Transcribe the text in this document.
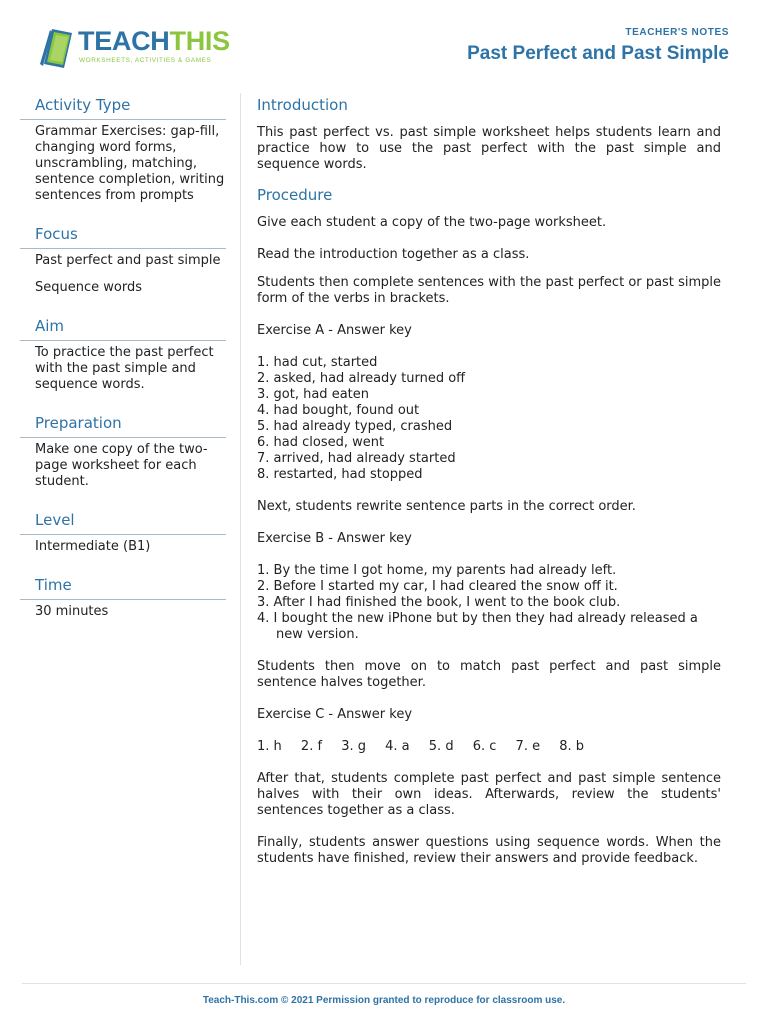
TEACHTHIS
WORKSHEETS, ACTIVITIES & GAMES
TEACHER'S NOTES
Past Perfect and Past Simple
Activity Type

Grammar Exercises: gap-fill, changing word forms, unscrambling, matching, sentence completion, writing sentences from prompts

Focus

Past perfect and past simple

Sequence words

Aim

To practice the past perfect with the past simple and sequence words.

Preparation

Make one copy of the two-page worksheet for each student.

Level

Intermediate (B1)

Time

30 minutes

Introduction

This past perfect vs. past simple worksheet helps students learn and practice how to use the past perfect with the past simple and sequence words.

Procedure

Give each student a copy of the two-page worksheet.

Read the introduction together as a class.

Students then complete sentences with the past perfect or past simple form of the verbs in brackets.

Exercise A - Answer key

1. had cut, started
2. asked, had already turned off
3. got, had eaten
4. had bought, found out
5. had already typed, crashed
6. had closed, went
7. arrived, had already started
8. restarted, had stopped

Next, students rewrite sentence parts in the correct order.

Exercise B - Answer key

1. By the time I got home, my parents had already left.
2. Before I started my car, I had cleared the snow off it.
3. After I had finished the book, I went to the book club.
4. I bought the new iPhone but by then they had already released a new version.

Students then move on to match past perfect and past simple sentence halves together.

Exercise C - Answer key

1. h 2. f 3. g 4. a 5. d 6. c 7. e 8. b

After that, students complete past perfect and past simple sentence halves with their own ideas. Afterwards, review the students' sentences together as a class.

Finally, students answer questions using sequence words. When the students have finished, review their answers and provide feedback.

Teach-This.com © 2021 Permission granted to reproduce for classroom use.
